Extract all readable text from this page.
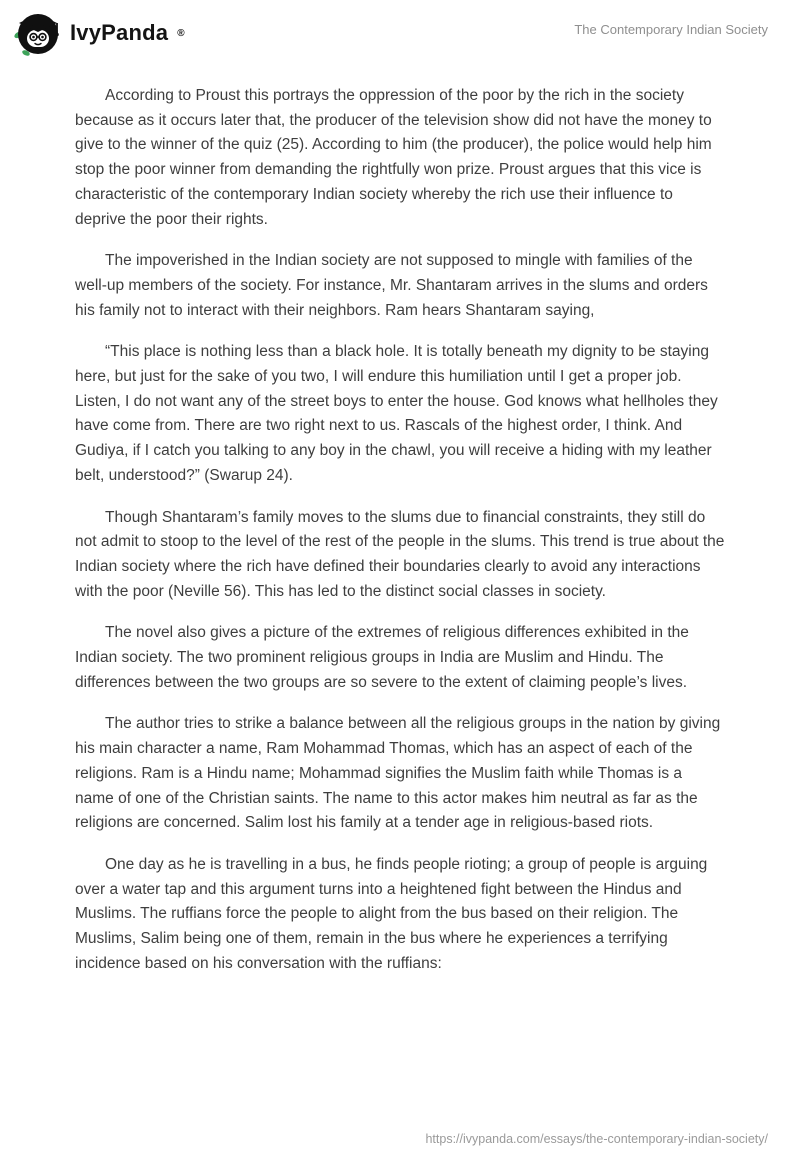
IvyPanda ®	The Contemporary Indian Society

According to Proust this portrays the oppression of the poor by the rich in the society because as it occurs later that, the producer of the television show did not have the money to give to the winner of the quiz (25). According to him (the producer), the police would help him stop the poor winner from demanding the rightfully won prize. Proust argues that this vice is characteristic of the contemporary Indian society whereby the rich use their influence to deprive the poor their rights.

The impoverished in the Indian society are not supposed to mingle with families of the well-up members of the society. For instance, Mr. Shantaram arrives in the slums and orders his family not to interact with their neighbors. Ram hears Shantaram saying,

“This place is nothing less than a black hole. It is totally beneath my dignity to be staying here, but just for the sake of you two, I will endure this humiliation until I get a proper job. Listen, I do not want any of the street boys to enter the house. God knows what hellholes they have come from. There are two right next to us. Rascals of the highest order, I think. And Gudiya, if I catch you talking to any boy in the chawl, you will receive a hiding with my leather belt, understood?” (Swarup 24).

Though Shantaram’s family moves to the slums due to financial constraints, they still do not admit to stoop to the level of the rest of the people in the slums. This trend is true about the Indian society where the rich have defined their boundaries clearly to avoid any interactions with the poor (Neville 56). This has led to the distinct social classes in society.

The novel also gives a picture of the extremes of religious differences exhibited in the Indian society. The two prominent religious groups in India are Muslim and Hindu. The differences between the two groups are so severe to the extent of claiming people’s lives.

The author tries to strike a balance between all the religious groups in the nation by giving his main character a name, Ram Mohammad Thomas, which has an aspect of each of the religions. Ram is a Hindu name; Mohammad signifies the Muslim faith while Thomas is a name of one of the Christian saints. The name to this actor makes him neutral as far as the religions are concerned. Salim lost his family at a tender age in religious-based riots.

One day as he is travelling in a bus, he finds people rioting; a group of people is arguing over a water tap and this argument turns into a heightened fight between the Hindus and Muslims. The ruffians force the people to alight from the bus based on their religion. The Muslims, Salim being one of them, remain in the bus where he experiences a terrifying incidence based on his conversation with the ruffians:

https://ivypanda.com/essays/the-contemporary-indian-society/
